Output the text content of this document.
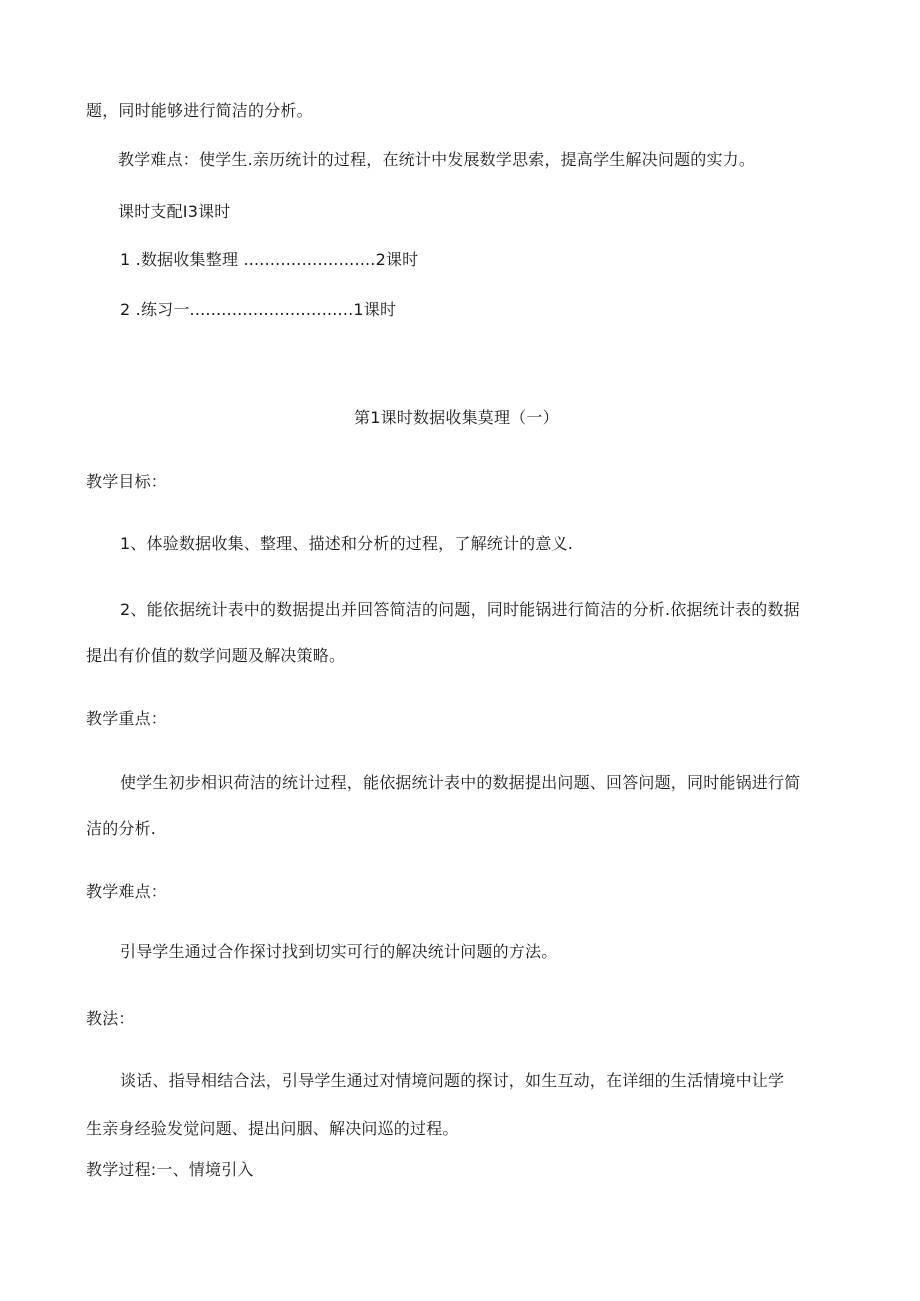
题，同时能够进行简洁的分析。
教学难点：使学生.亲历统计的过程，在统计中发展数学思索，提高学生解决问题的实力。
课时支配I3课时
1 .数据收集整理 .........................2课时
2 .练习一...............................1课时
第1课时数据收集莫理（一）
教学目标：
1、体验数据收集、整理、描述和分析的过程，了解统计的意义.
2、能依据统计表中的数据提出并回答简洁的问题，同时能锅进行简洁的分析.依据统计表的数据
提出有价值的数学问题及解决策略。
教学重点：
使学生初步相识荷洁的统计过程，能依据统计表中的数据提出问题、回答问题，同时能锅进行简
洁的分析.
教学难点：
引导学生通过合作探讨找到切实可行的解决统计问题的方法。
教法：
谈话、指导相结合法，引导学生通过对情境问题的探讨，如生互动，在详细的生活情境中让学
生亲身经验发觉问题、提出问胭、解决问巡的过程。
教学过程:一、情境引入
